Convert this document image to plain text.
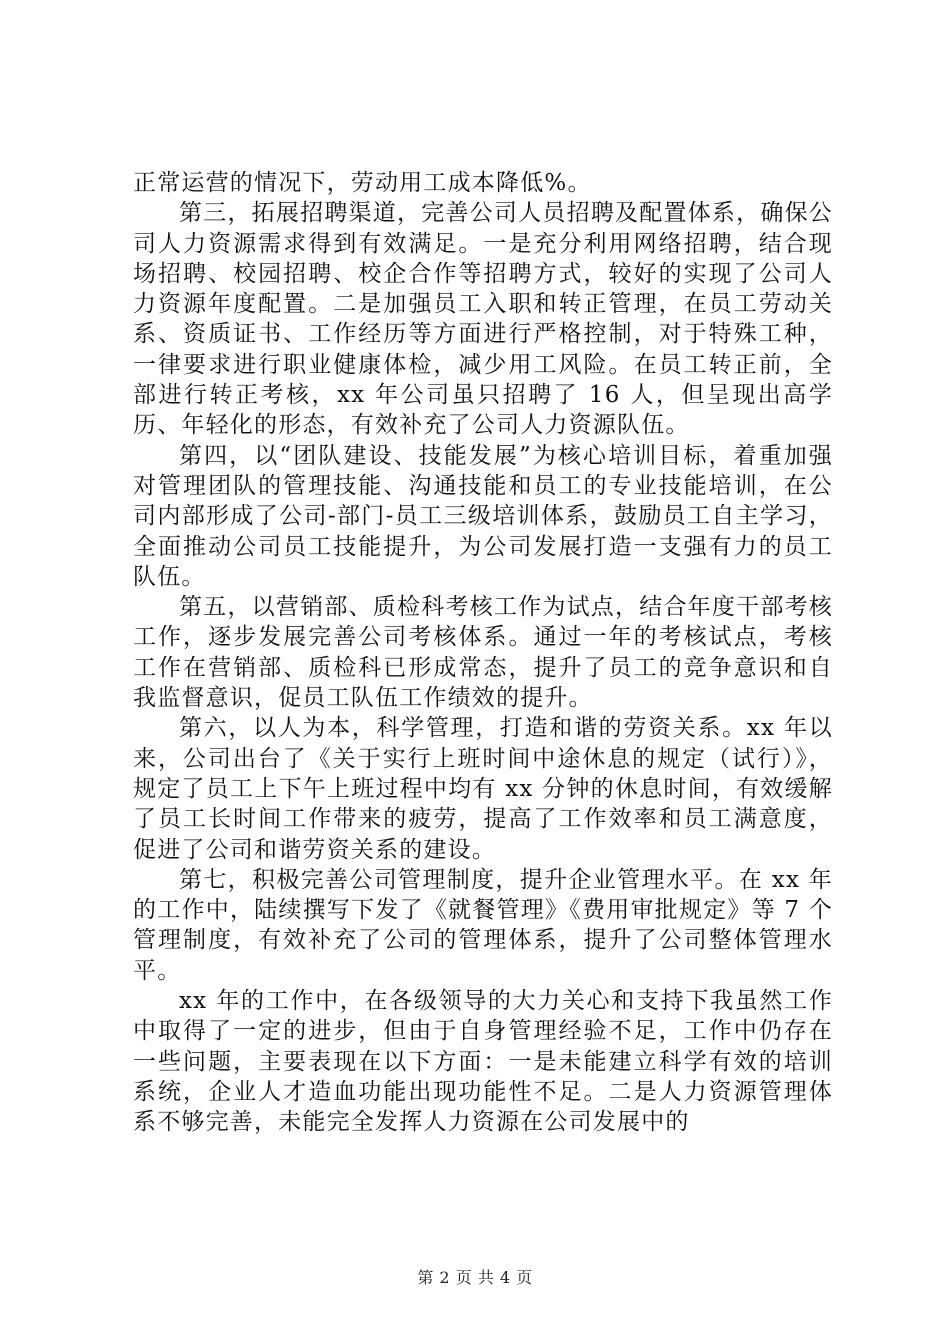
正常运营的情况下，劳动用工成本降低%。

第三，拓展招聘渠道，完善公司人员招聘及配置体系，确保公司人力资源需求得到有效满足。一是充分利用网络招聘，结合现场招聘、校园招聘、校企合作等招聘方式，较好的实现了公司人力资源年度配置。二是加强员工入职和转正管理，在员工劳动关系、资质证书、工作经历等方面进行严格控制，对于特殊工种，一律要求进行职业健康体检，减少用工风险。在员工转正前，全部进行转正考核，xx 年公司虽只招聘了 16 人，但呈现出高学历、年轻化的形态，有效补充了公司人力资源队伍。

第四，以“团队建设、技能发展”为核心培训目标，着重加强对管理团队的管理技能、沟通技能和员工的专业技能培训，在公司内部形成了公司-部门-员工三级培训体系，鼓励员工自主学习，全面推动公司员工技能提升，为公司发展打造一支强有力的员工队伍。

第五，以营销部、质检科考核工作为试点，结合年度干部考核工作，逐步发展完善公司考核体系。通过一年的考核试点，考核工作在营销部、质检科已形成常态，提升了员工的竞争意识和自我监督意识，促员工队伍工作绩效的提升。

第六，以人为本，科学管理，打造和谐的劳资关系。xx 年以来，公司出台了《关于实行上班时间中途休息的规定（试行）》，规定了员工上下午上班过程中均有 xx 分钟的休息时间，有效缓解了员工长时间工作带来的疲劳，提高了工作效率和员工满意度，促进了公司和谐劳资关系的建设。

第七，积极完善公司管理制度，提升企业管理水平。在 xx 年的工作中，陆续撰写下发了《就餐管理》《费用审批规定》等 7 个管理制度，有效补充了公司的管理体系，提升了公司整体管理水平。

xx 年的工作中，在各级领导的大力关心和支持下我虽然工作中取得了一定的进步，但由于自身管理经验不足，工作中仍存在一些问题，主要表现在以下方面：一是未能建立科学有效的培训系统，企业人才造血功能出现功能性不足。二是人力资源管理体系不够完善，未能完全发挥人力资源在公司发展中的

第 2 页 共 4 页
